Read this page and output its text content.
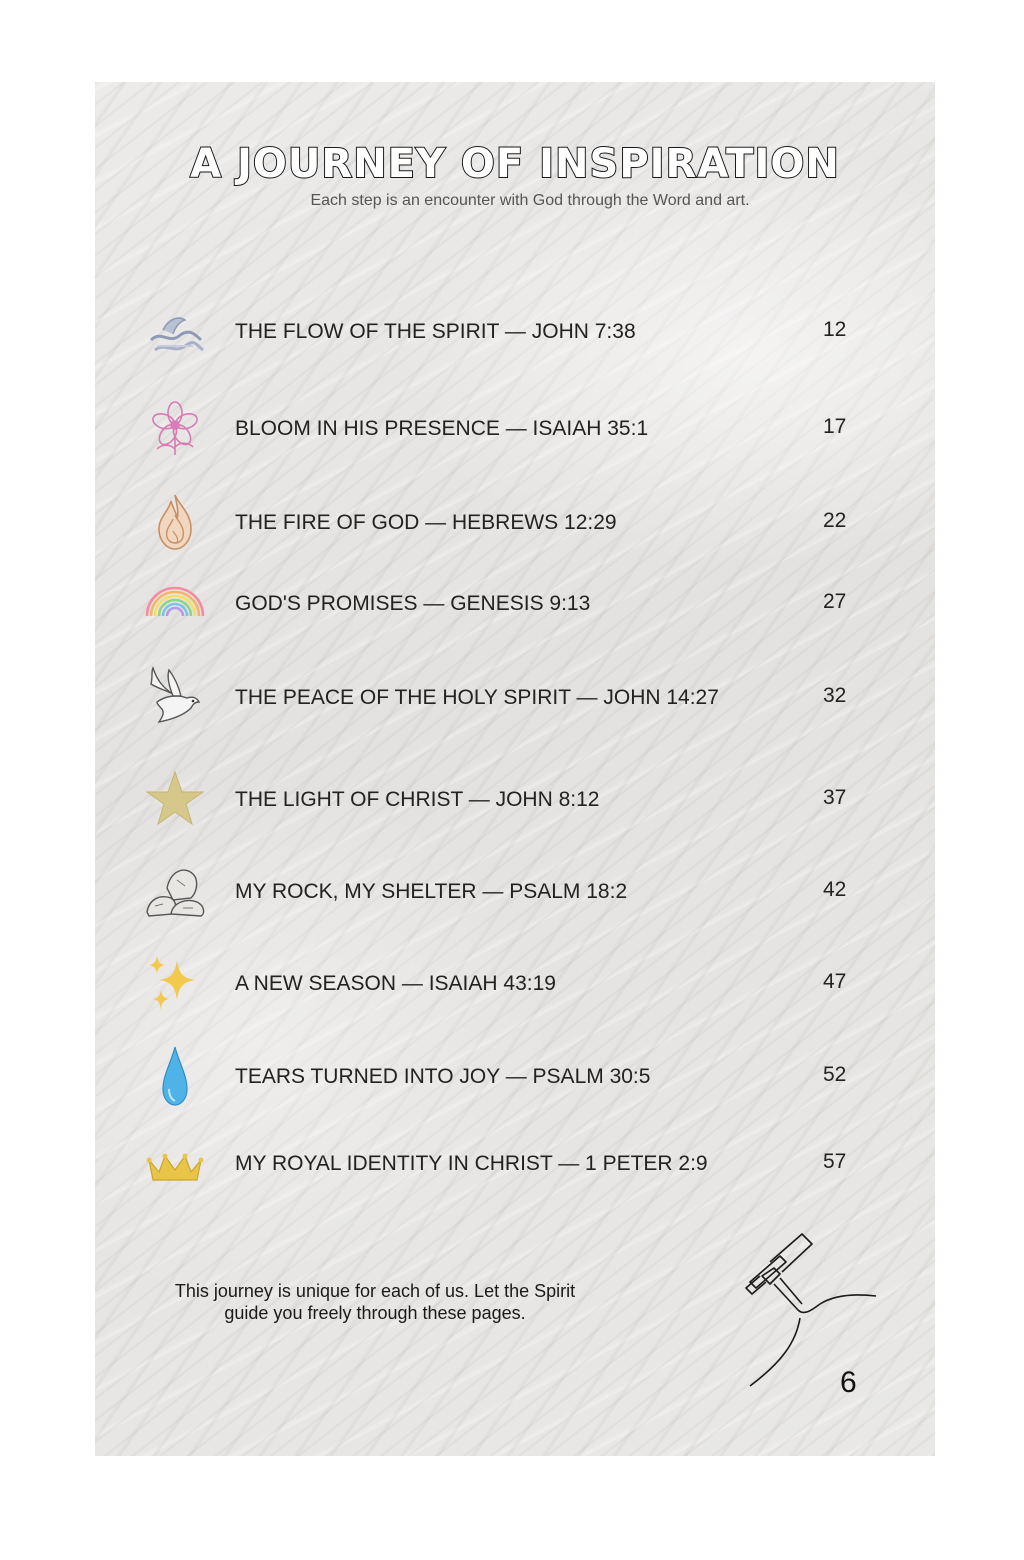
A JOURNEY OF INSPIRATION

Each step is an encounter with God through the Word and art.

THE FLOW OF THE SPIRIT — JOHN 7:38	12
BLOOM IN HIS PRESENCE — ISAIAH 35:1	17
THE FIRE OF GOD — HEBREWS 12:29	22
GOD'S PROMISES — GENESIS 9:13	27
THE PEACE OF THE HOLY SPIRIT — JOHN 14:27	32
THE LIGHT OF CHRIST — JOHN 8:12	37
MY ROCK, MY SHELTER — PSALM 18:2	42
A NEW SEASON — ISAIAH 43:19	47
TEARS TURNED INTO JOY — PSALM 30:5	52
MY ROYAL IDENTITY IN CHRIST — 1 PETER 2:9	57

This journey is unique for each of us. Let the Spirit
guide you freely through these pages.

6
